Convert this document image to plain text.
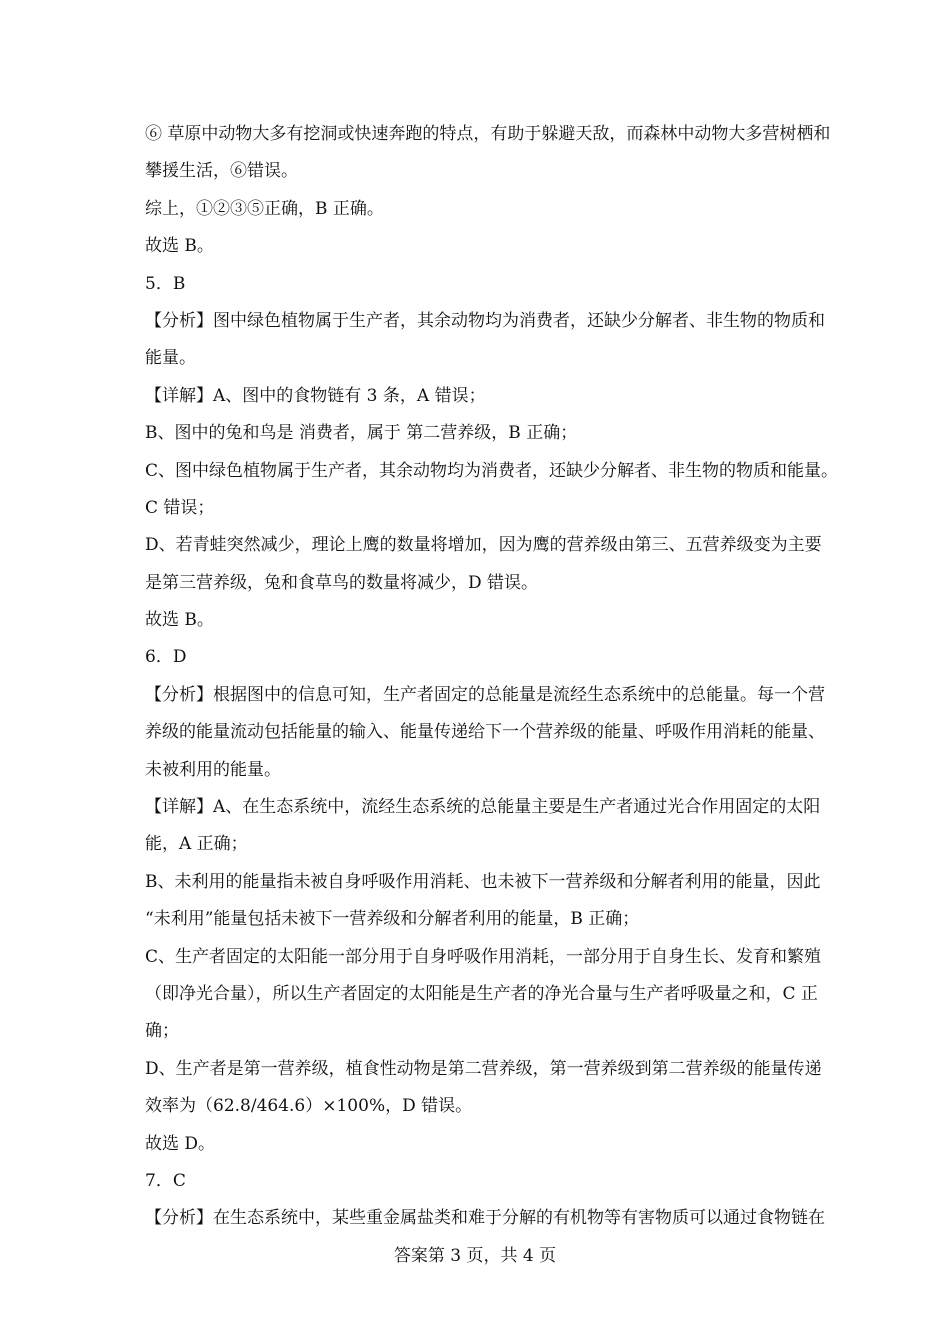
⑥ 草原中动物大多有挖洞或快速奔跑的特点，有助于躲避天敌，而森林中动物大多营树栖和
攀援生活，⑥错误。
综上，①②③⑤正确，B 正确。
故选 B。
5．B
【分析】图中绿色植物属于生产者，其余动物均为消费者，还缺少分解者、非生物的物质和
能量。
【详解】A、图中的食物链有 3 条，A 错误；
B、图中的兔和鸟是 消费者，属于 第二营养级，B 正确；
C、图中绿色植物属于生产者，其余动物均为消费者，还缺少分解者、非生物的物质和能量。
C 错误；
D、若青蛙突然减少，理论上鹰的数量将增加，因为鹰的营养级由第三、五营养级变为主要
是第三营养级，兔和食草鸟的数量将减少，D 错误。
故选 B。
6．D
【分析】根据图中的信息可知，生产者固定的总能量是流经生态系统中的总能量。每一个营
养级的能量流动包括能量的输入、能量传递给下一个营养级的能量、呼吸作用消耗的能量、
未被利用的能量。
【详解】A、在生态系统中，流经生态系统的总能量主要是生产者通过光合作用固定的太阳
能，A 正确；
B、未利用的能量指未被自身呼吸作用消耗、也未被下一营养级和分解者利用的能量，因此
“未利用”能量包括未被下一营养级和分解者利用的能量，B 正确；
C、生产者固定的太阳能一部分用于自身呼吸作用消耗，一部分用于自身生长、发育和繁殖
（即净光合量），所以生产者固定的太阳能是生产者的净光合量与生产者呼吸量之和，C 正
确；
D、生产者是第一营养级，植食性动物是第二营养级，第一营养级到第二营养级的能量传递
效率为（62.8/464.6）×100%，D 错误。
故选 D。
7．C
【分析】在生态系统中，某些重金属盐类和难于分解的有机物等有害物质可以通过食物链在
答案第 3 页，共 4 页
